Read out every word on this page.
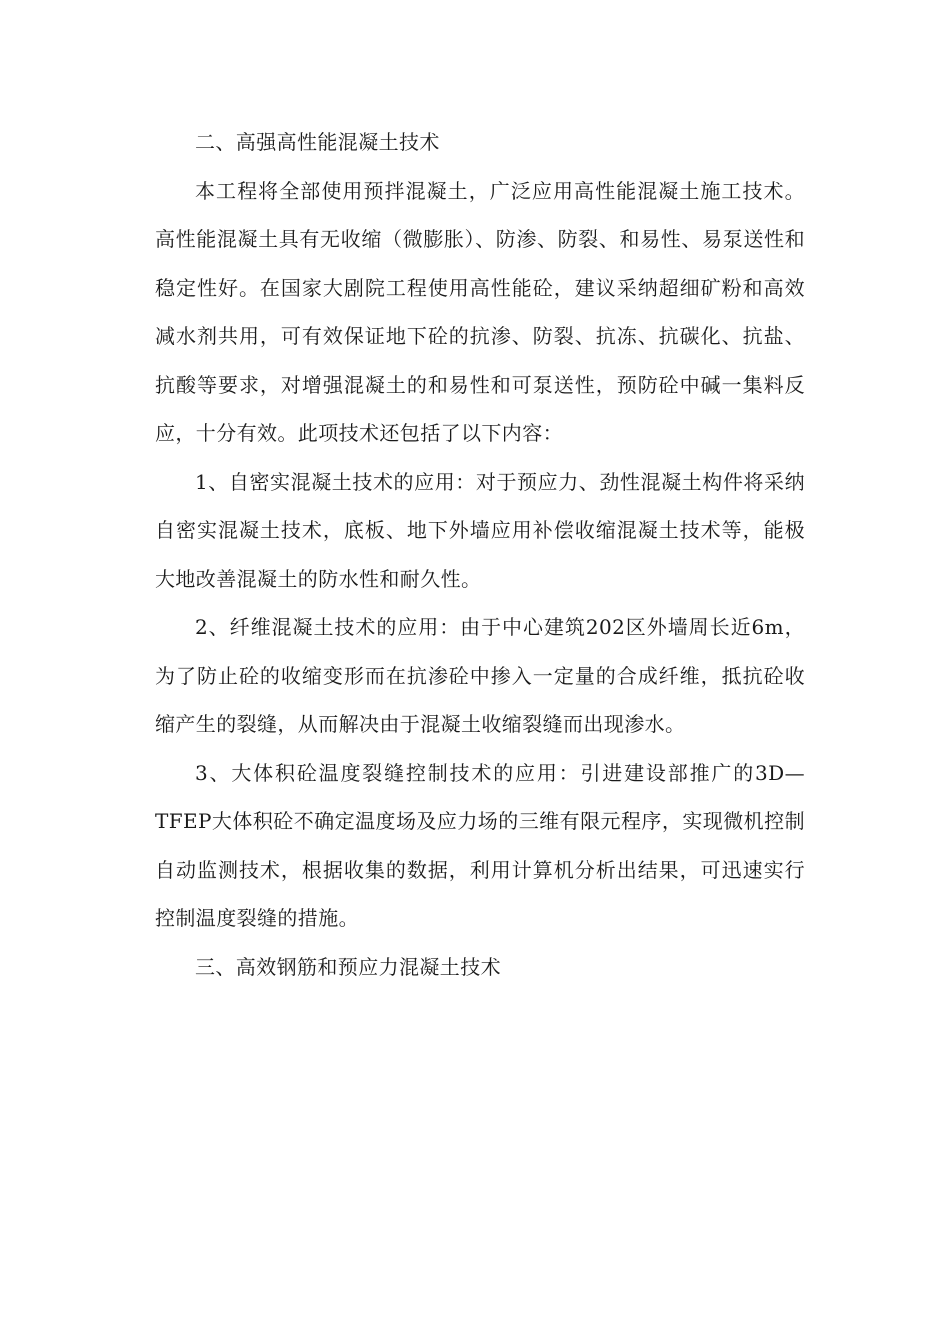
二、高强高性能混凝土技术

本工程将全部使用预拌混凝土，广泛应用高性能混凝土施工技术。高性能混凝土具有无收缩（微膨胀）、防渗、防裂、和易性、易泵送性和稳定性好。在国家大剧院工程使用高性能砼，建议采纳超细矿粉和高效减水剂共用，可有效保证地下砼的抗渗、防裂、抗冻、抗碳化、抗盐、抗酸等要求，对增强混凝土的和易性和可泵送性，预防砼中碱一集料反应，十分有效。此项技术还包括了以下内容：

1、自密实混凝土技术的应用：对于预应力、劲性混凝土构件将采纳自密实混凝土技术，底板、地下外墙应用补偿收缩混凝土技术等，能极大地改善混凝土的防水性和耐久性。

2、纤维混凝土技术的应用：由于中心建筑202区外墙周长近6m，为了防止砼的收缩变形而在抗渗砼中掺入一定量的合成纤维，抵抗砼收缩产生的裂缝，从而解决由于混凝土收缩裂缝而出现渗水。

3、大体积砼温度裂缝控制技术的应用：引进建设部推广的3D—TFEP大体积砼不确定温度场及应力场的三维有限元程序，实现微机控制自动监测技术，根据收集的数据，利用计算机分析出结果，可迅速实行控制温度裂缝的措施。

三、高效钢筋和预应力混凝土技术
